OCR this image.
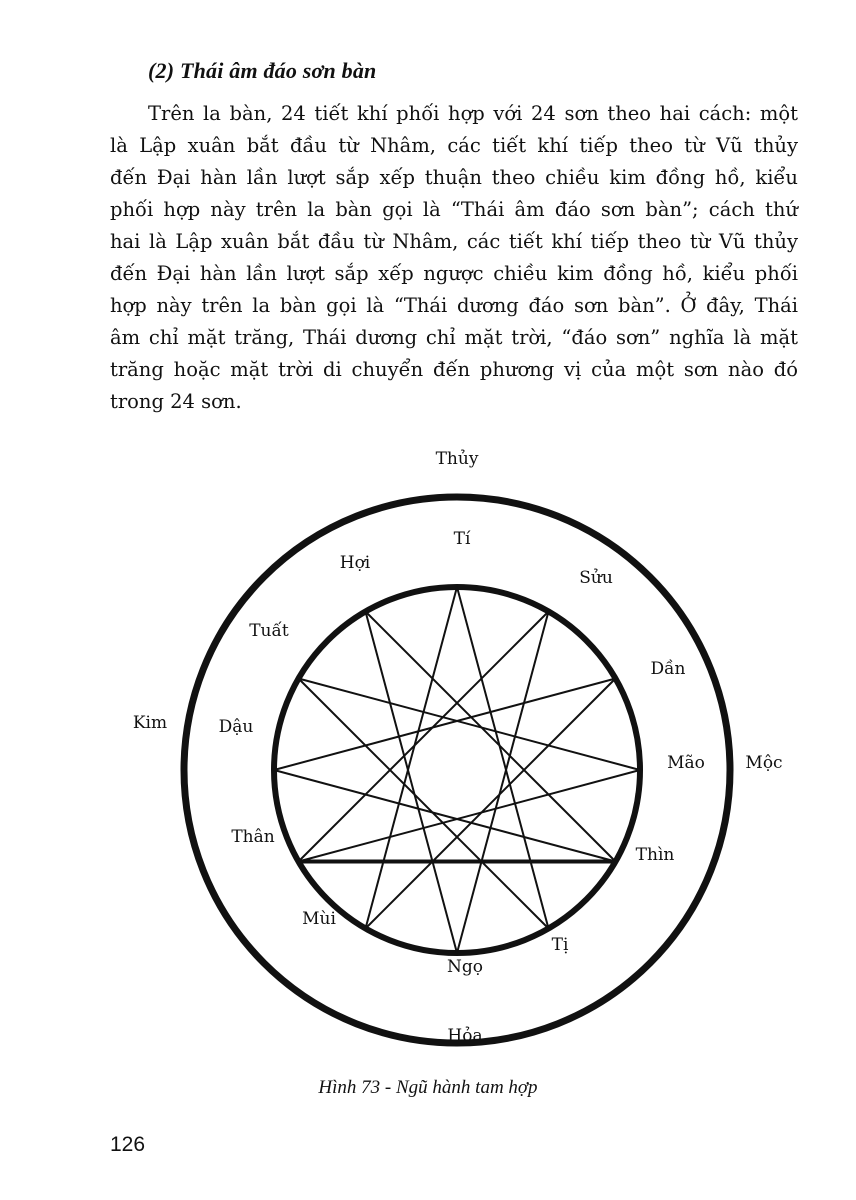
(2) Thái âm đáo sơn bàn
Trên la bàn, 24 tiết khí phối hợp với 24 sơn theo hai cách: một
là Lập xuân bắt đầu từ Nhâm, các tiết khí tiếp theo từ Vũ thủy
đến Đại hàn lần lượt sắp xếp thuận theo chiều kim đồng hồ, kiểu
phối hợp này trên la bàn gọi là “Thái âm đáo sơn bàn”; cách thứ
hai là Lập xuân bắt đầu từ Nhâm, các tiết khí tiếp theo từ Vũ thủy
đến Đại hàn lần lượt sắp xếp ngược chiều kim đồng hồ, kiểu phối
hợp này trên la bàn gọi là “Thái dương đáo sơn bàn”. Ở đây, Thái
âm chỉ mặt trăng, Thái dương chỉ mặt trời, “đáo sơn” nghĩa là mặt
trăng hoặc mặt trời di chuyển đến phương vị của một sơn nào đó
trong 24 sơn.
Thủy
Kim
Mộc
Hỏa
Tí
Sửu
Dần
Mão
Thìn
Tị
Ngọ
Mùi
Thân
Dậu
Tuất
Hợi
Hình 73 - Ngũ hành tam hợp
126
